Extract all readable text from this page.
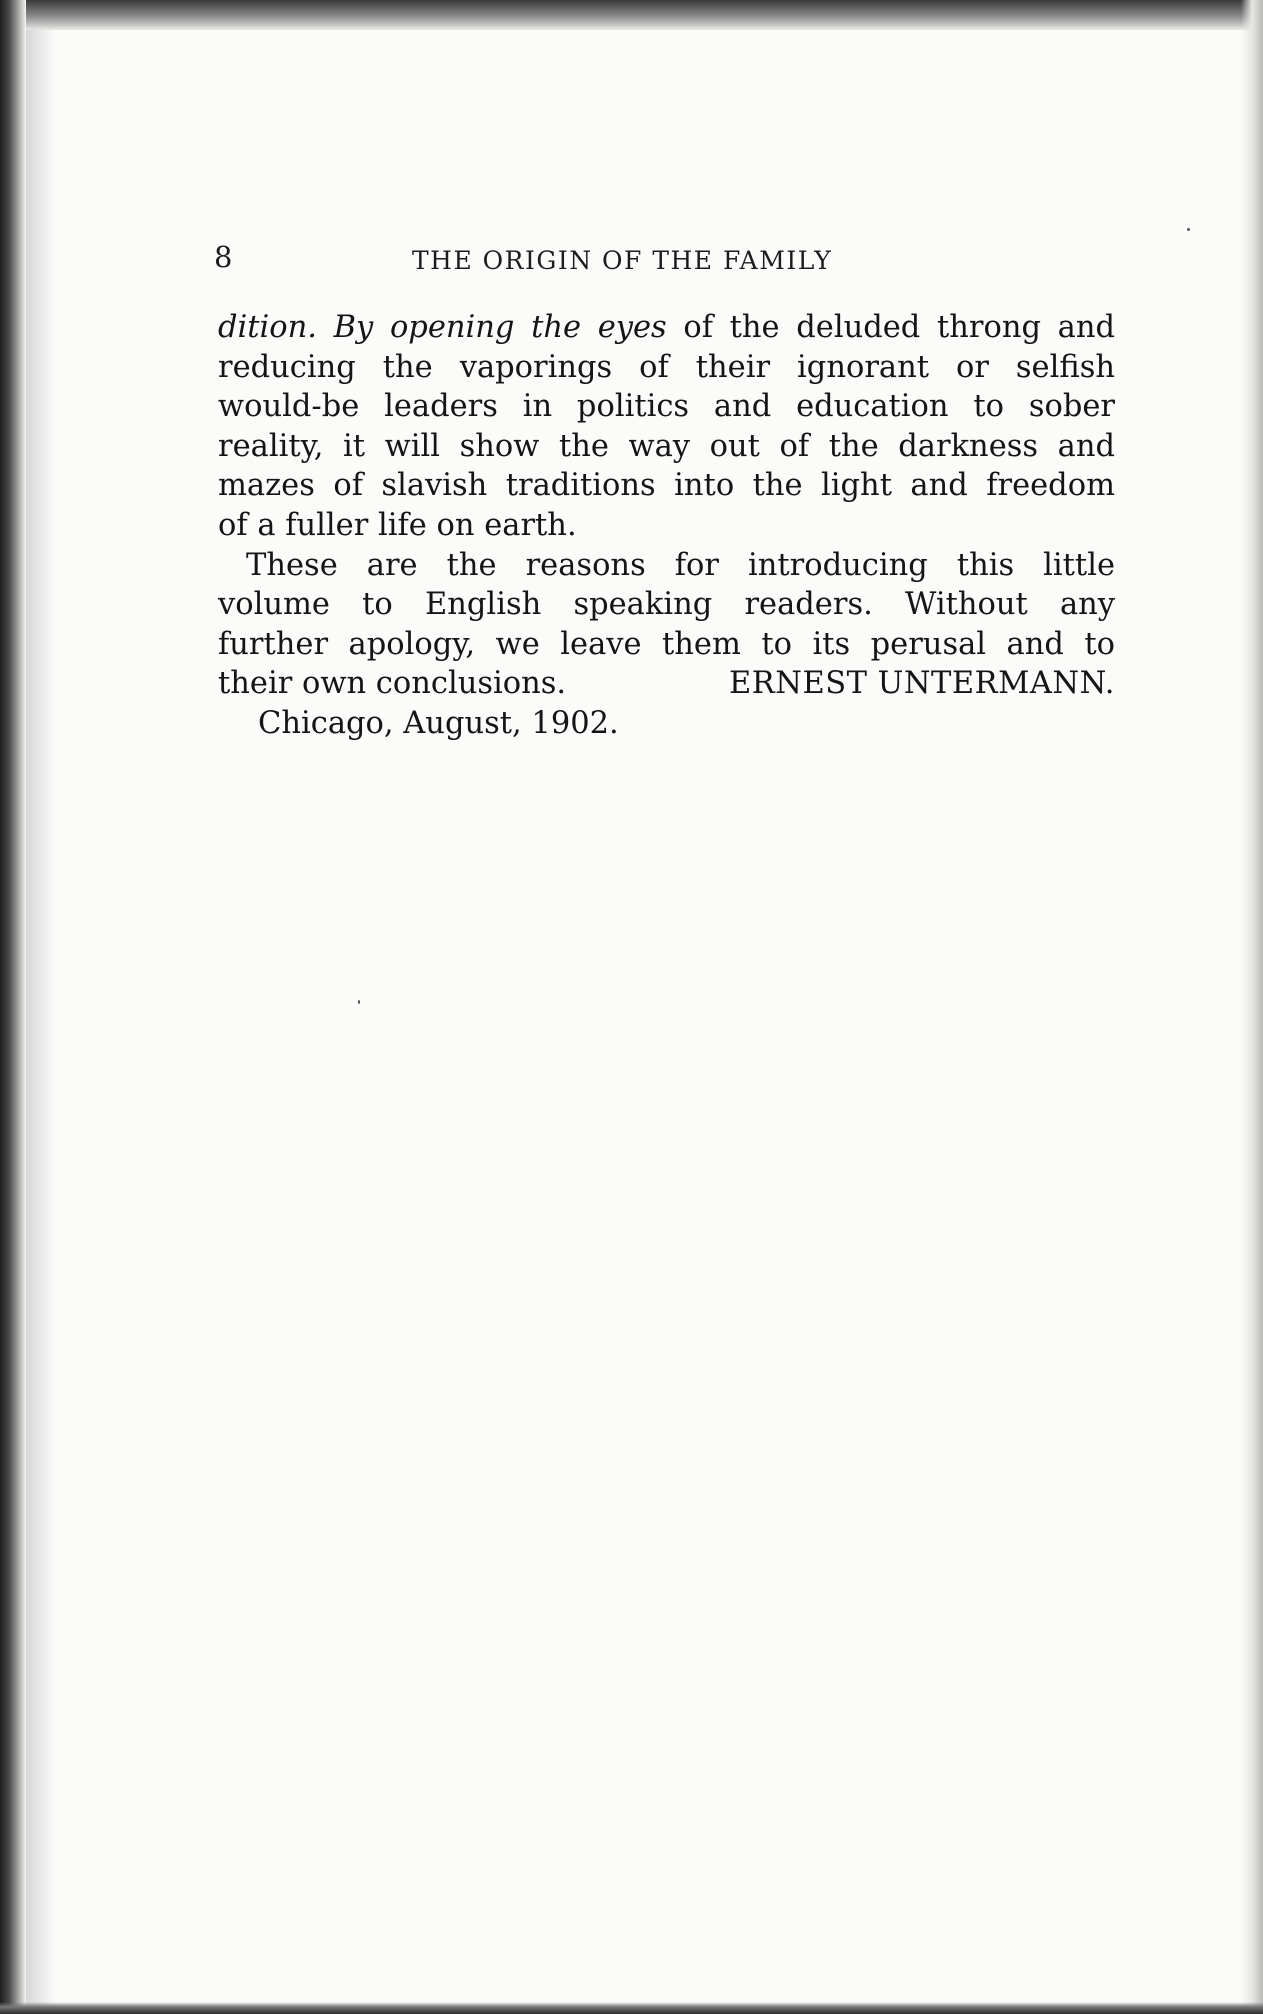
8	THE ORIGIN OF THE FAMILY
dition. By opening the eyes of the deluded throng and
reducing the vaporings of their ignorant or selfish
would-be leaders in politics and education to sober
reality, it will show the way out of the darkness and
mazes of slavish traditions into the light and freedom
of a fuller life on earth.
These are the reasons for introducing this little
volume to English speaking readers. Without any
further apology, we leave them to its perusal and to
their own conclusions.	ERNEST UNTERMANN.
Chicago, August, 1902.
